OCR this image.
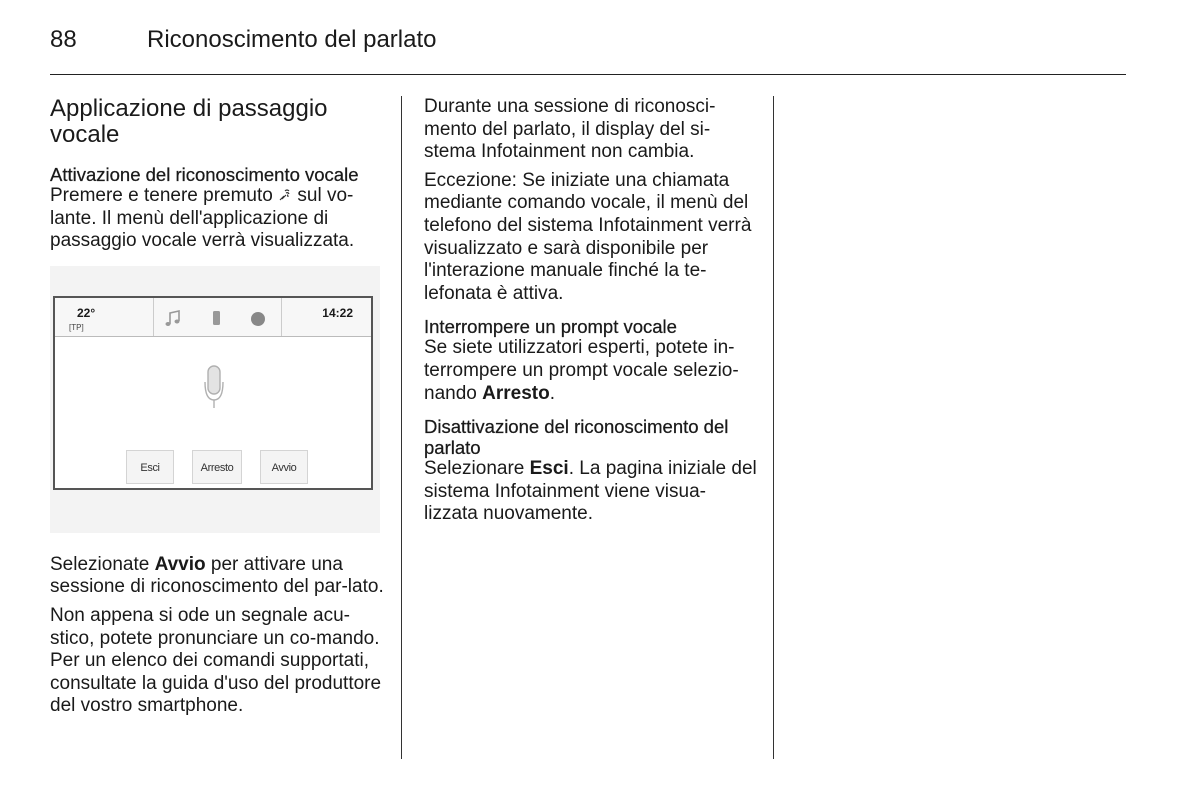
88	Riconoscimento del parlato
Applicazione di passaggio vocale
Attivazione del riconoscimento vocale

Premere e tenere premuto  sul vo-lante. Il menù dell'applicazione di passaggio vocale verrà visualizzata.

22°
[TP]
14:22
Esci	Arresto	Avvio

Selezionate Avvio per attivare una sessione di riconoscimento del par-lato.

Non appena si ode un segnale acu-stico, potete pronunciare un co-mando. Per un elenco dei comandi supportati, consultate la guida d'uso del produttore del vostro smartphone.

Durante una sessione di riconosci-mento del parlato, il display del si-stema Infotainment non cambia.

Eccezione: Se iniziate una chiamata mediante comando vocale, il menù del telefono del sistema Infotainment verrà visualizzato e sarà disponibile per l'interazione manuale finché la te-lefonata è attiva.

Interrompere un prompt vocale

Se siete utilizzatori esperti, potete in-terrompere un prompt vocale selezio-nando Arresto.

Disattivazione del riconoscimento del parlato

Selezionare Esci. La pagina iniziale del sistema Infotainment viene visua-lizzata nuovamente.
